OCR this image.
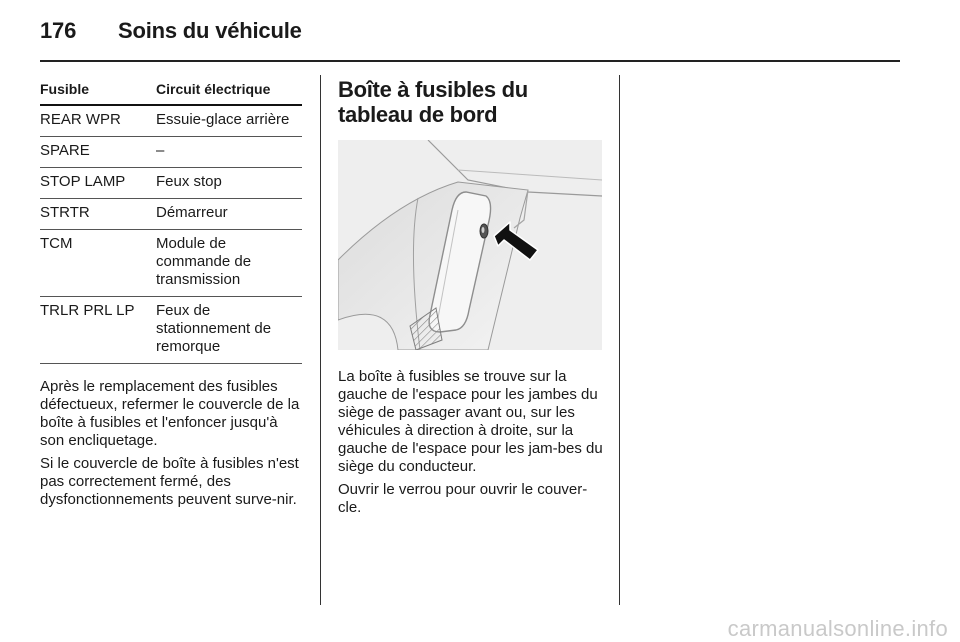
176 Soins du véhicule
Fusible	Circuit électrique
REAR WPR	Essuie-glace arrière
SPARE	–
STOP LAMP	Feux stop
STRTR	Démarreur
TCM	Module de commande de transmission
TRLR PRL LP	Feux de stationnement de remorque

Après le remplacement des fusibles défectueux, refermer le couvercle de la boîte à fusibles et l'enfoncer jusqu'à son encliquetage.

Si le couvercle de boîte à fusibles n'est pas correctement fermé, des dysfonctionnements peuvent surve-nir.

Boîte à fusibles du tableau de bord

La boîte à fusibles se trouve sur la gauche de l'espace pour les jambes du siège de passager avant ou, sur les véhicules à direction à droite, sur la gauche de l'espace pour les jam-bes du siège du conducteur.

Ouvrir le verrou pour ouvrir le couver-cle.

carmanualsonline.info
